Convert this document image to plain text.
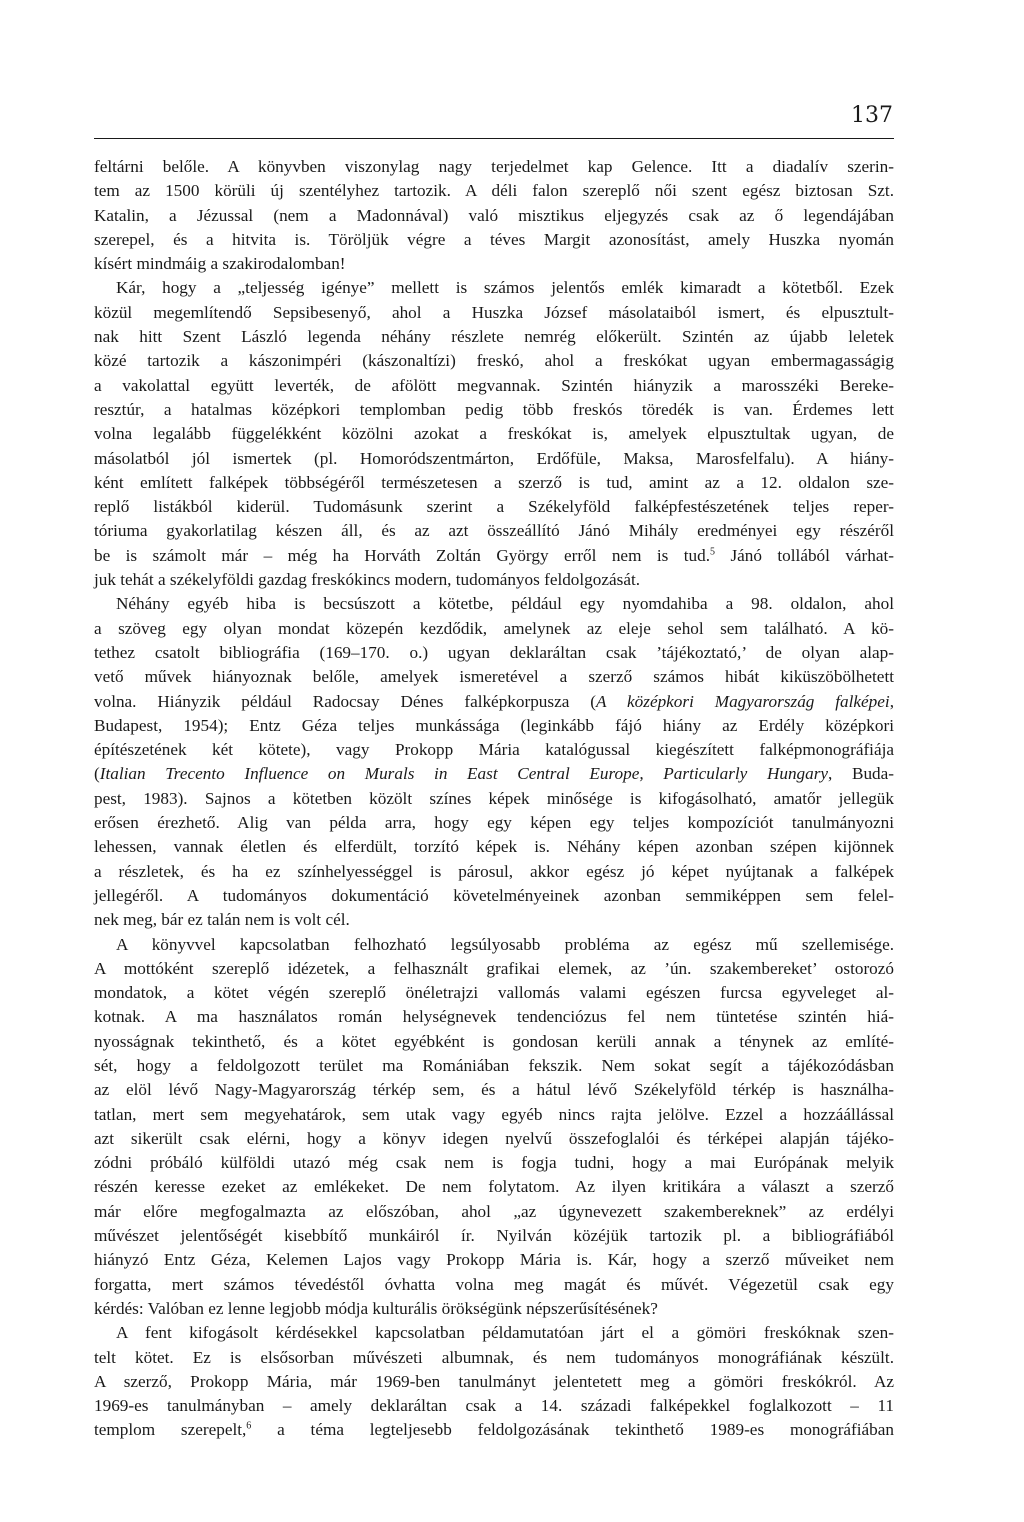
137
feltárni belőle. A könyvben viszonylag nagy terjedelmet kap Gelence. Itt a diadalív szerin-
tem az 1500 körüli új szentélyhez tartozik. A déli falon szereplő női szent egész biztosan Szt.
Katalin, a Jézussal (nem a Madonnával) való misztikus eljegyzés csak az ő legendájában
szerepel, és a hitvita is. Töröljük végre a téves Margit azonosítást, amely Huszka nyomán
kísért mindmáig a szakirodalomban!
Kár, hogy a „teljesség igénye” mellett is számos jelentős emlék kimaradt a kötetből. Ezek
közül megemlítendő Sepsibesenyő, ahol a Huszka József másolataiból ismert, és elpusztult-
nak hitt Szent László legenda néhány részlete nemrég előkerült. Szintén az újabb leletek
közé tartozik a kászonimpéri (kászonaltízi) freskó, ahol a freskókat ugyan embermagasságig
a vakolattal együtt leverték, de afölött megvannak. Szintén hiányzik a marosszéki Bereke-
resztúr, a hatalmas középkori templomban pedig több freskós töredék is van. Érdemes lett
volna legalább függelékként közölni azokat a freskókat is, amelyek elpusztultak ugyan, de
másolatból jól ismertek (pl. Homoródszentmárton, Erdőfüle, Maksa, Marosfelfalu). A hiány-
ként említett falképek többségéről természetesen a szerző is tud, amint az a 12. oldalon sze-
replő listákból kiderül. Tudomásunk szerint a Székelyföld falképfestészetének teljes reper-
tóriuma gyakorlatilag készen áll, és az azt összeállító Jánó Mihály eredményei egy részéről
be is számolt már – még ha Horváth Zoltán György erről nem is tud.$^5$ Jánó tollából várhat-
juk tehát a székelyföldi gazdag freskókincs modern, tudományos feldolgozását.
Néhány egyéb hiba is becsúszott a kötetbe, például egy nyomdahiba a 98. oldalon, ahol
a szöveg egy olyan mondat közepén kezdődik, amelynek az eleje sehol sem található. A kö-
tethez csatolt bibliográfia (169–170. o.) ugyan deklaráltan csak ’tájékoztató,’ de olyan alap-
vető művek hiányoznak belőle, amelyek ismeretével a szerző számos hibát kiküszöbölhetett
volna. Hiányzik például Radocsay Dénes falképkorpusza (A középkori Magyarország falképei,
Budapest, 1954); Entz Géza teljes munkássága (leginkább fájó hiány az Erdély középkori
építészetének két kötete), vagy Prokopp Mária katalógussal kiegészített falképmonográfiája
(Italian Trecento Influence on Murals in East Central Europe, Particularly Hungary, Buda-
pest, 1983). Sajnos a kötetben közölt színes képek minősége is kifogásolható, amatőr jellegük
erősen érezhető. Alig van példa arra, hogy egy képen egy teljes kompozíciót tanulmányozni
lehessen, vannak életlen és elferdült, torzító képek is. Néhány képen azonban szépen kijönnek
a részletek, és ha ez színhelyességgel is párosul, akkor egész jó képet nyújtanak a falképek
jellegéről. A tudományos dokumentáció követelményeinek azonban semmiképpen sem felel-
nek meg, bár ez talán nem is volt cél.
A könyvvel kapcsolatban felhozható legsúlyosabb probléma az egész mű szellemisége.
A mottóként szereplő idézetek, a felhasznált grafikai elemek, az ’ún. szakembereket’ ostorozó
mondatok, a kötet végén szereplő önéletrajzi vallomás valami egészen furcsa egyveleget al-
kotnak. A ma használatos román helységnevek tendenciózus fel nem tüntetése szintén hiá-
nyosságnak tekinthető, és a kötet egyébként is gondosan kerüli annak a ténynek az említé-
sét, hogy a feldolgozott terület ma Romániában fekszik. Nem sokat segít a tájékozódásban
az elöl lévő Nagy-Magyarország térkép sem, és a hátul lévő Székelyföld térkép is használha-
tatlan, mert sem megyehatárok, sem utak vagy egyéb nincs rajta jelölve. Ezzel a hozzáállással
azt sikerült csak elérni, hogy a könyv idegen nyelvű összefoglalói és térképei alapján tájéko-
zódni próbáló külföldi utazó még csak nem is fogja tudni, hogy a mai Európának melyik
részén keresse ezeket az emlékeket. De nem folytatom. Az ilyen kritikára a választ a szerző
már előre megfogalmazta az előszóban, ahol „az úgynevezett szakembereknek” az erdélyi
művészet jelentőségét kisebbítő munkáiról ír. Nyilván közéjük tartozik pl. a bibliográfiából
hiányzó Entz Géza, Kelemen Lajos vagy Prokopp Mária is. Kár, hogy a szerző műveiket nem
forgatta, mert számos tévedéstől óvhatta volna meg magát és művét. Végezetül csak egy
kérdés: Valóban ez lenne legjobb módja kulturális örökségünk népszerűsítésének?
A fent kifogásolt kérdésekkel kapcsolatban példamutatóan járt el a gömöri freskóknak szen-
telt kötet. Ez is elsősorban művészeti albumnak, és nem tudományos monográfiának készült.
A szerző, Prokopp Mária, már 1969-ben tanulmányt jelentetett meg a gömöri freskókról. Az
1969-es tanulmányban – amely deklaráltan csak a 14. századi falképekkel foglalkozott – 11
templom szerepelt,$^6$ a téma legteljesebb feldolgozásának tekinthető 1989-es monográfiában
